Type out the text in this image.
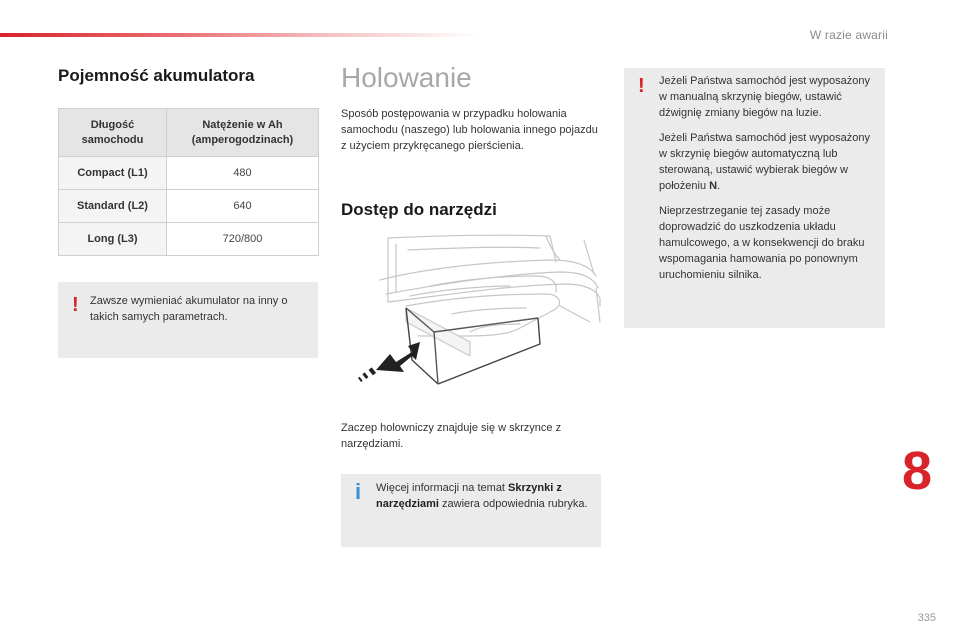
W razie awarii
Pojemność akumulatora
Długość samochodu	Natężenie w Ah (amperogodzinach)
Compact (L1)	480
Standard (L2)	640
Long (L3)	720/800
! Zawsze wymieniać akumulator na inny o takich samych parametrach.
Holowanie

Sposób postępowania w przypadku holowania samochodu (naszego) lub holowania innego pojazdu z użyciem przykręcanego pierścienia.

Dostęp do narzędzi

Zaczep holowniczy znajduje się w skrzynce z narzędziami.

i Więcej informacji na temat Skrzynki z narzędziami zawiera odpowiednia rubryka.
! Jeżeli Państwa samochód jest wyposażony w manualną skrzynię biegów, ustawić dźwignię zmiany biegów na luzie.

Jeżeli Państwa samochód jest wyposażony w skrzynię biegów automatyczną lub sterowaną, ustawić wybierak biegów w położeniu N.

Nieprzestrzeganie tej zasady może doprowadzić do uszkodzenia układu hamulcowego, a w konsekwencji do braku wspomagania hamowania po ponownym uruchomieniu silnika.

8
335
